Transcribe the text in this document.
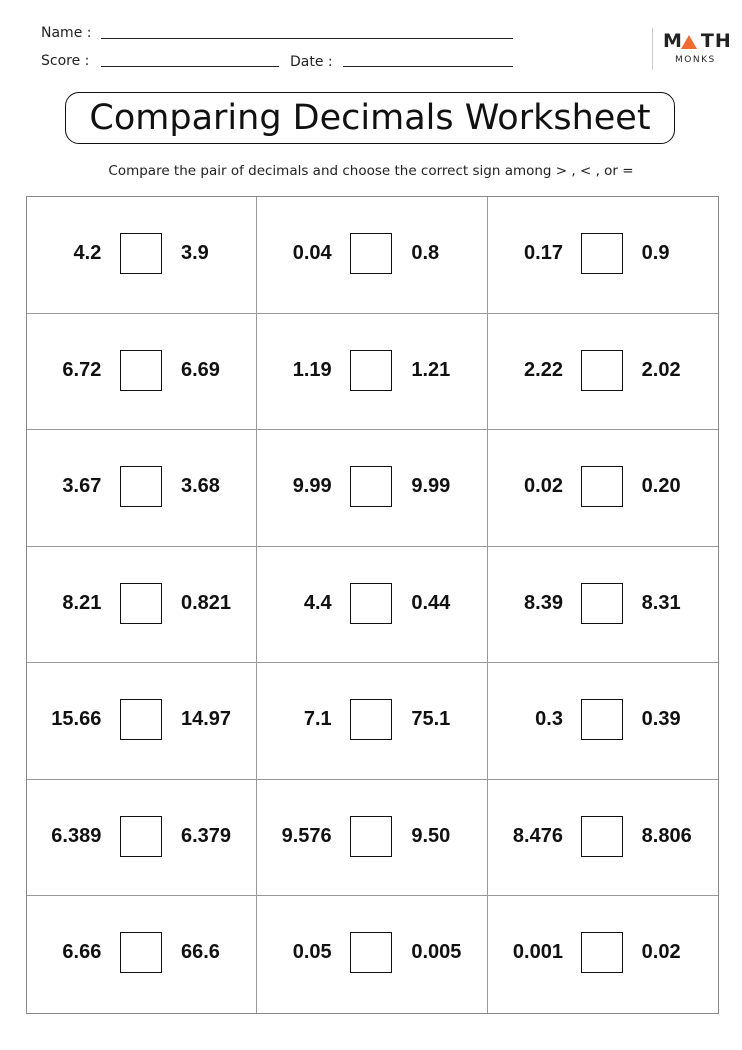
Name :
Score :	Date :
M TH
MONKS
Comparing Decimals Worksheet
Compare the pair of decimals and choose the correct sign among > , < , or =
4.2	3.9	0.04	0.8	0.17	0.9
6.72	6.69	1.19	1.21	2.22	2.02
3.67	3.68	9.99	9.99	0.02	0.20
8.21	0.821	4.4	0.44	8.39	8.31
15.66	14.97	7.1	75.1	0.3	0.39
6.389	6.379	9.576	9.50	8.476	8.806
6.66	66.6	0.05	0.005	0.001	0.02
